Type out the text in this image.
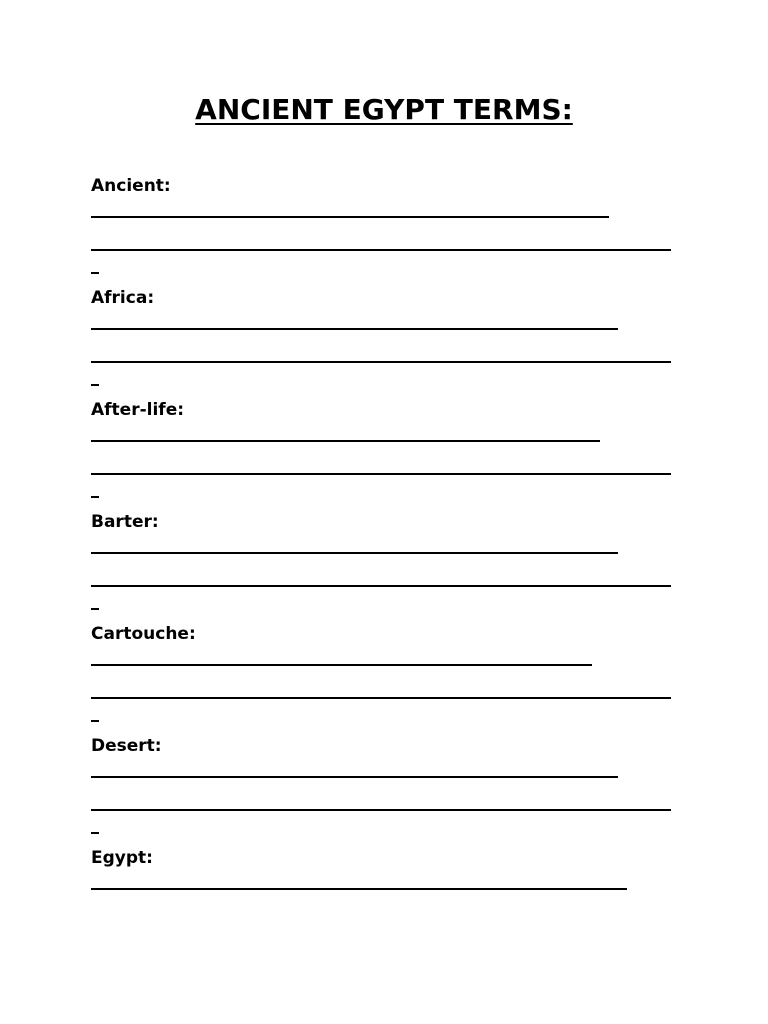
ANCIENT EGYPT TERMS:
Ancient:
Africa:
After-life:
Barter:
Cartouche:
Desert:
Egypt:
